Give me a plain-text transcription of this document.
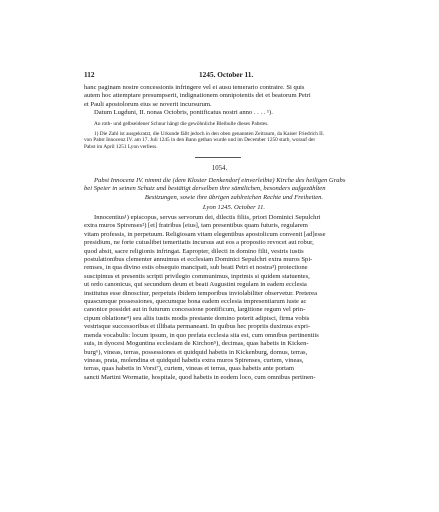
112	1245. October 11.

hanc paginam nostre concessionis infringere vel ei ausu temerario contraire. Si quis
autem hoc attemptare presumpserit, indignationem omnipotentis dei et beatorum Petri
et Pauli apostolorum eius se noverit incursurum.
Datum Lugduni, II. nonas Octobris, pontificatus nostri anno . . . . ¹).

An roth- und gelbseidener Schnur hängt die gewöhnliche Bleibulle dieses Pabstes.

1) Die Zahl ist ausgekratzt, die Urkunde fällt jedoch in den oben genannten Zeitraum, da Kaiser Friedrich II.
von Pabst Innocenz IV. am 17. Juli 1245 in den Bann gethan wurde und im December 1250 starb, worauf der
Pabst im April 1251 Lyon verliess.

1054.

Pabst Innocenz IV. nimmt die (dem Kloster Denkendorf einverleibte) Kirche des heiligen Grabs
bei Speier in seinen Schutz und bestätigt derselben ihre sämtlichen, besonders aufgezählten
Besitzungen, sowie ihre übrigen zahlreichen Rechte und Freiheiten.

Lyon 1245. October 11.

Innocentius¹) episcopus, servus servorum dei, dilectis filiis, priori Dominici Sepulchri
extra muros Spirenses²) [et] fratribus [eius], tam presentibus quam futuris, regularem
vitam professis, in perpetuum. Religiosam vitam elegentibus apostolicum convenit [ad]esse
presidium, ne forte cuiuslibet temeritatis incursus aut eos a proposito revocet aut robur,
quod absit, sacre religionis infringat. Eapropter, dilecti in domino filii, vestris iustis
postulationibus clementer annuimus et ecclesiam Dominici Sepulchri extra muros Spi-
remses, in qua divino estis obsequio mancipati, sub beati Petri et nostra³) protectione
suscipimus et presentis scripti privilegio communimus, inprimis si quidem statuentes,
ut ordo canonicus, qui secundum deum et beati Augustini regulam in eadem ecclesia
institutus esse dinoscitur, perpetuis ibidem temporibus inviolabiliter observetur. Preterea
quascumque possessiones, quecumque bona eadem ecclesia impresentiarum iuste ac
canonice possidet aut in futurum concessione pontificum, largitione regum vel prin-
cipum oblatione⁴) seu aliis iustis modis prestante domino poterit adipisci, firma vobis
vestrisque successoribus et illibata permaneant. In quibus hec propriis duximus expri-
menda vocabulis: locum ipsum, in quo prefata ecclesia sita est, cum omnibus pertinentiis
suis, in dyocesi Moguntina ecclesiam de Kirchon⁵), decimas, quas habetis in Kicken-
burg⁶), vineas, terras, possessiones et quidquid habetis in Kickenburg, domus, terras,
vineas, prata, molendina et quidquid habetis extra muros Spirenses, curtem, vineas,
terras, quas habetis in Vorst⁷), curtem, vineas et terras, quas habetis ante portam
sancti Martini Wormatie, hospitale, quod habetis in eodem loco, cum omnibus pertinen-
